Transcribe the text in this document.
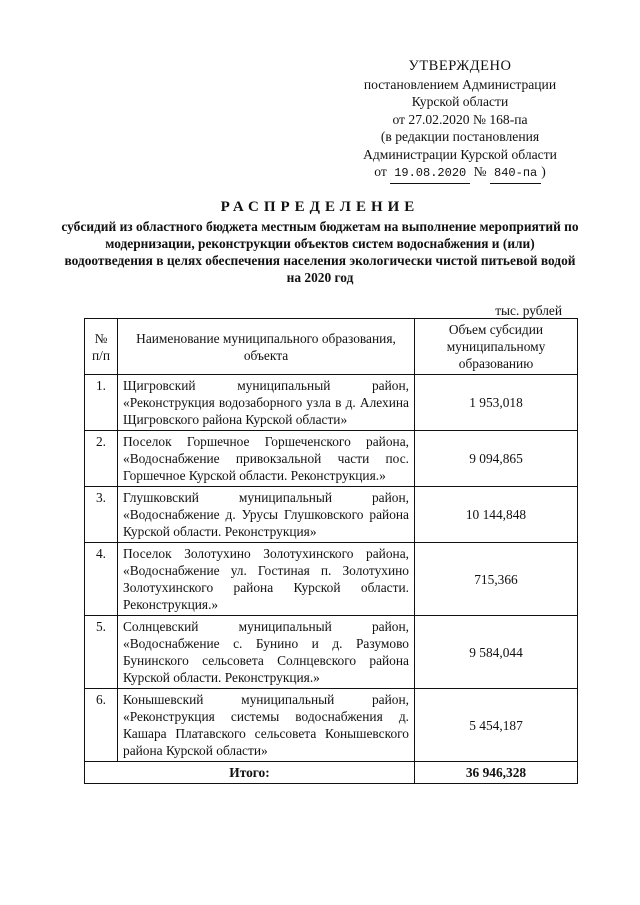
УТВЕРЖДЕНО
постановлением Администрации
Курской области
от 27.02.2020 № 168-па
(в редакции постановления
Администрации Курской области
от 19.08.2020 № 840-па )
РАСПРЕДЕЛЕНИЕ
субсидий из областного бюджета местным бюджетам на выполнение мероприятий по модернизации, реконструкции объектов систем водоснабжения и (или) водоотведения в целях обеспечения населения экологически чистой питьевой водой на 2020 год
тыс. рублей
№ п/п	Наименование муниципального образования, объекта	Объем субсидии муниципальному образованию
1.	Щигровский муниципальный район, «Реконструкция водозаборного узла в д. Алехина Щигровского района Курской области»	1 953,018
2.	Поселок Горшечное Горшеченского района, «Водоснабжение привокзальной части пос. Горшечное Курской области. Реконструкция.»	9 094,865
3.	Глушковский муниципальный район, «Водоснабжение д. Урусы Глушковского района Курской области. Реконструкция»	10 144,848
4.	Поселок Золотухино Золотухинского района, «Водоснабжение ул. Гостиная п. Золотухино Золотухинского района Курской области. Реконструкция.»	715,366
5.	Солнцевский муниципальный район, «Водоснабжение с. Бунино и д. Разумово Бунинского сельсовета Солнцевского района Курской области. Реконструкция.»	9 584,044
6.	Конышевский муниципальный район, «Реконструкция системы водоснабжения д. Кашара Платавского сельсовета Конышевского района Курской области»	5 454,187
Итого:		36 946,328
